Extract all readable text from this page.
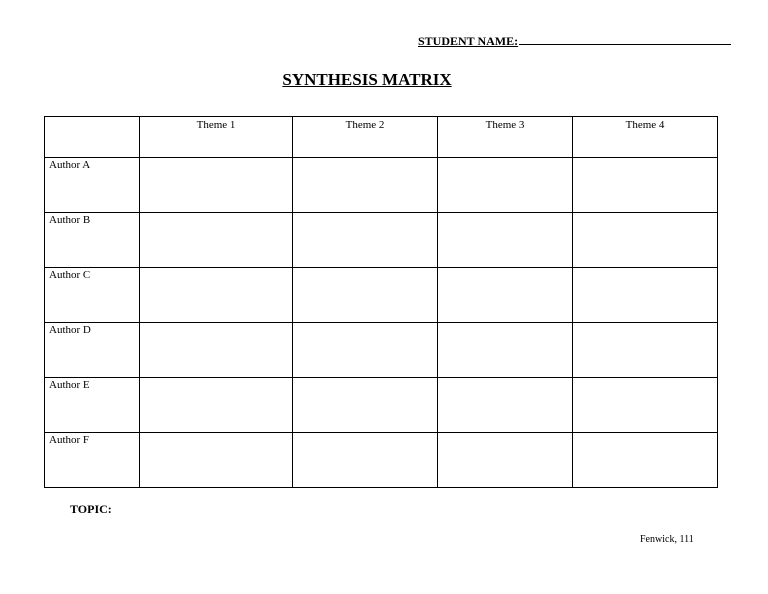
STUDENT NAME:
SYNTHESIS MATRIX
	Theme 1	Theme 2	Theme 3	Theme 4
Author A				
Author B				
Author C				
Author D				
Author E				
Author F				
TOPIC:
Fenwick, 111
